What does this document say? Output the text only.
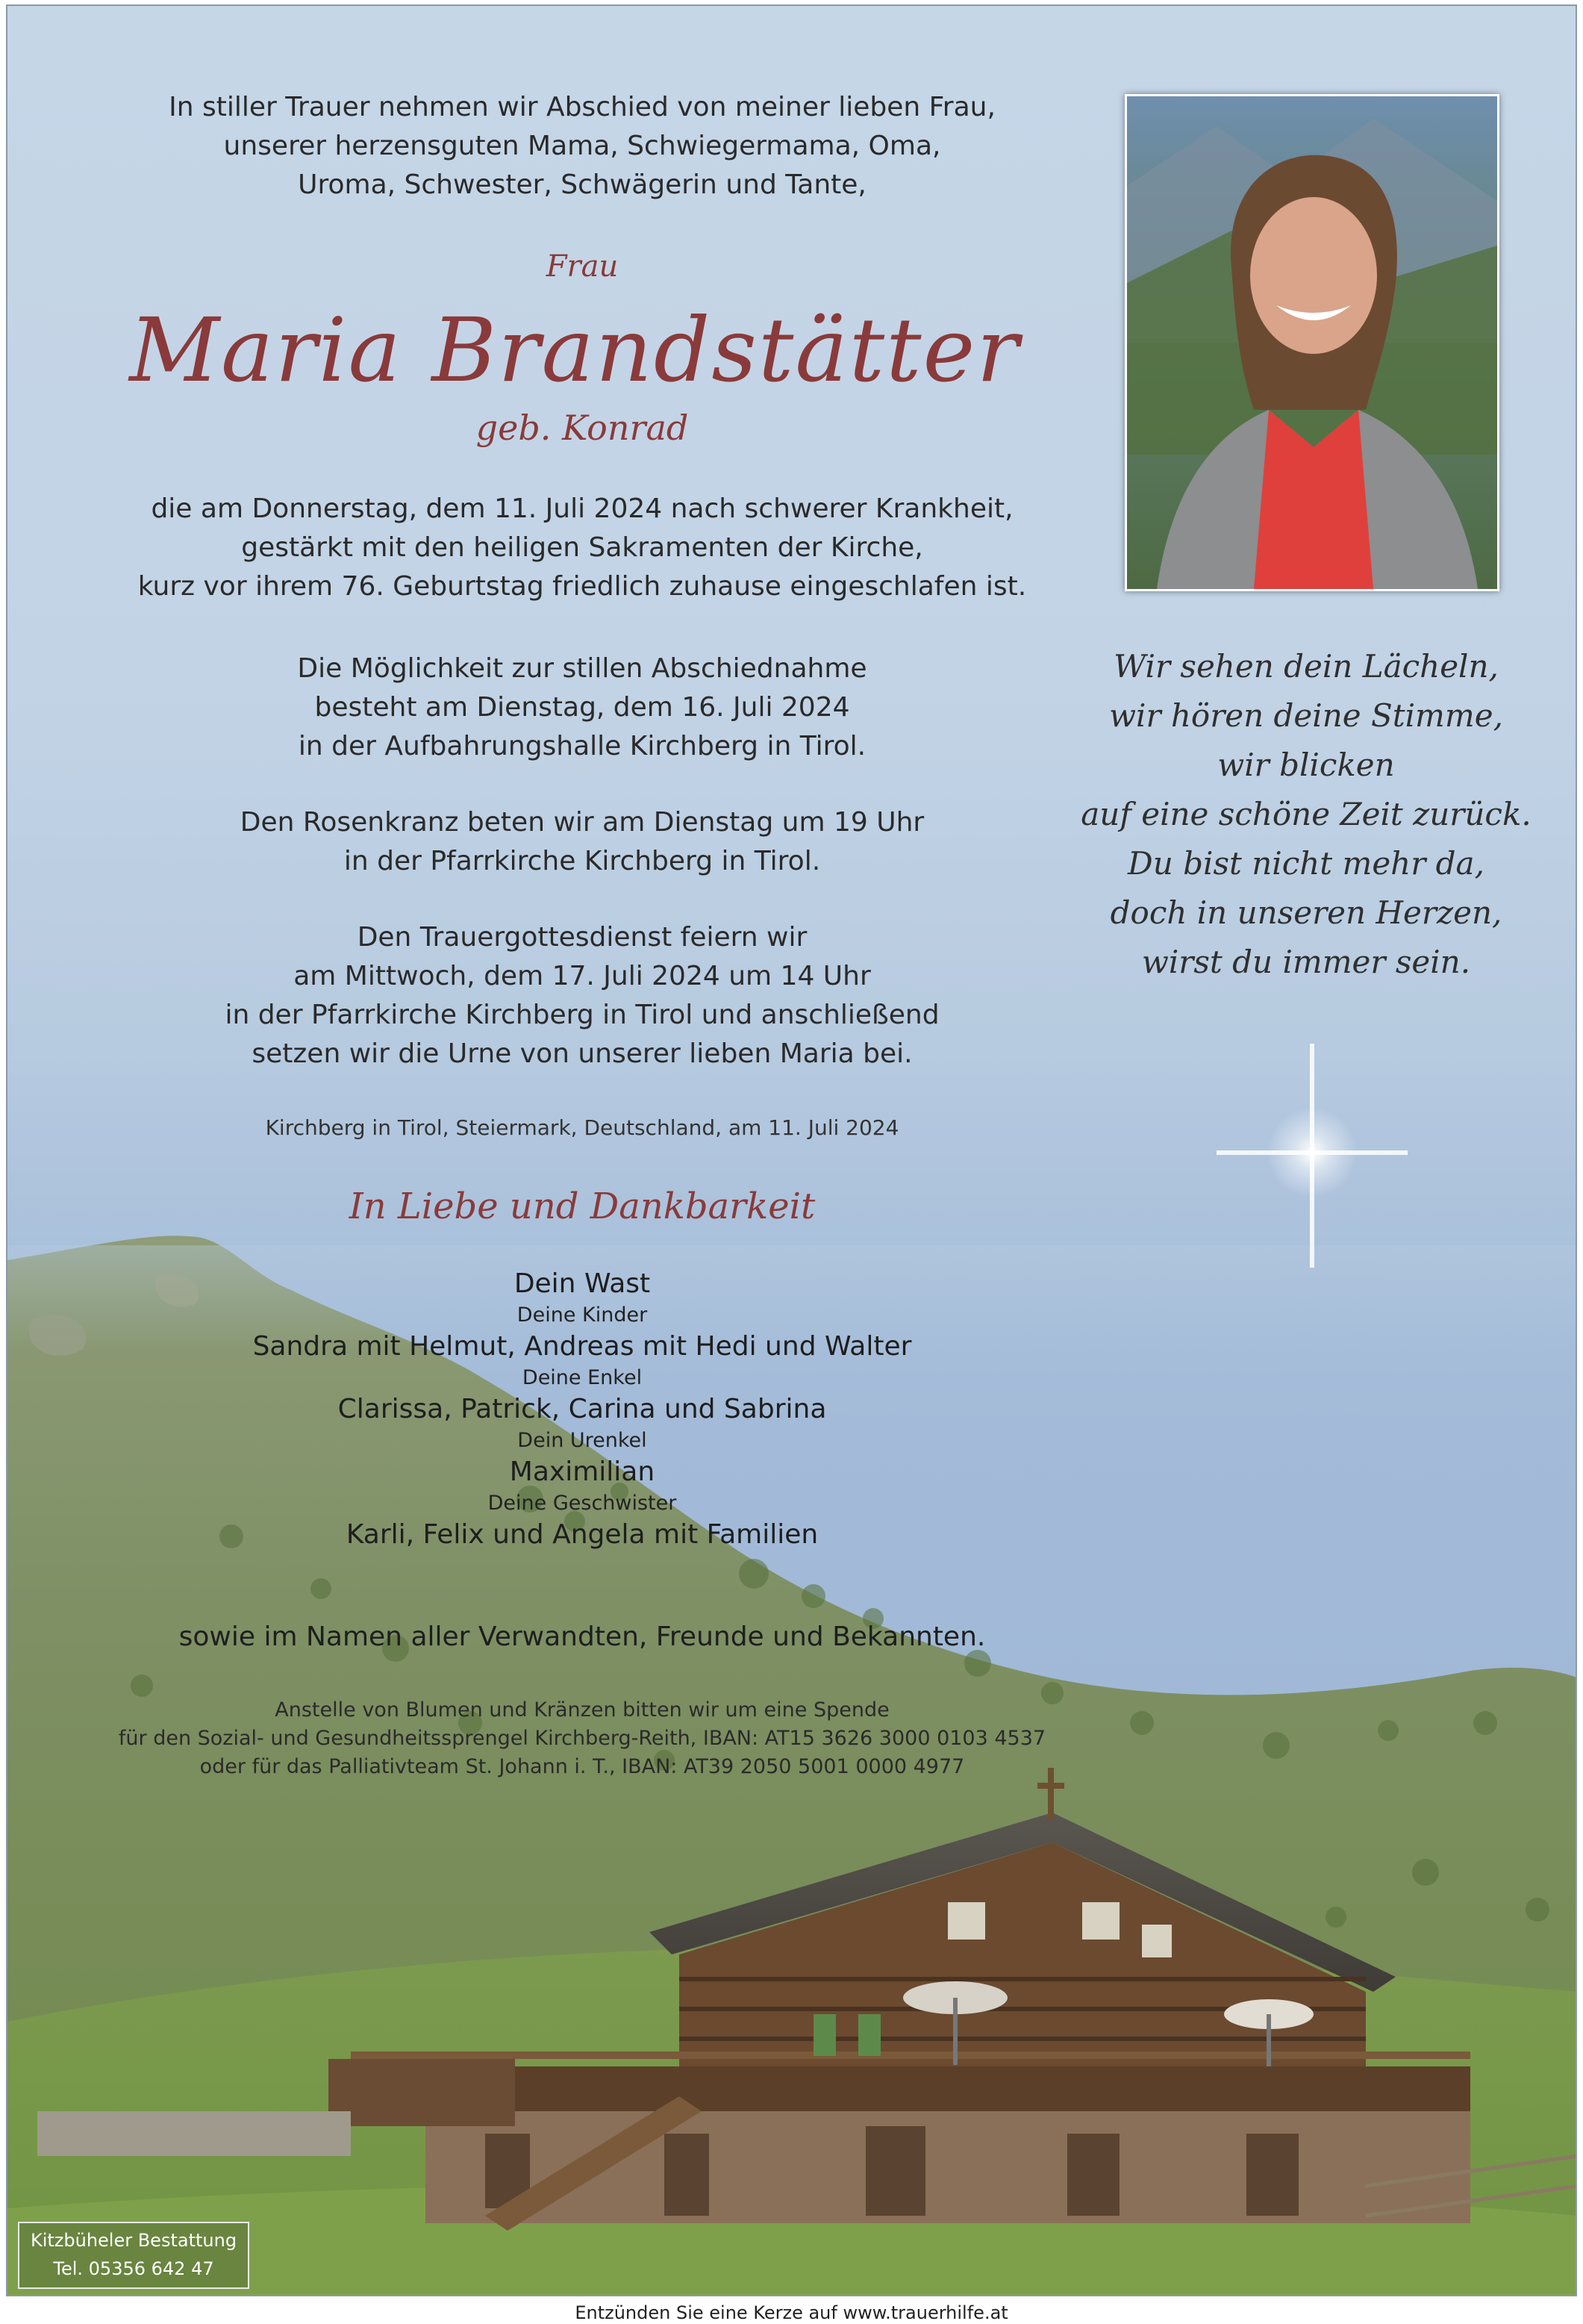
In stiller Trauer nehmen wir Abschied von meiner lieben Frau,
unserer herzensguten Mama, Schwiegermama, Oma,
Uroma, Schwester, Schwägerin und Tante,
Frau
Maria Brandstätter
geb. Konrad
die am Donnerstag, dem 11. Juli 2024 nach schwerer Krankheit,
gestärkt mit den heiligen Sakramenten der Kirche,
kurz vor ihrem 76. Geburtstag friedlich zuhause eingeschlafen ist.
Die Möglichkeit zur stillen Abschiednahme
besteht am Dienstag, dem 16. Juli 2024
in der Aufbahrungshalle Kirchberg in Tirol.
Den Rosenkranz beten wir am Dienstag um 19 Uhr
in der Pfarrkirche Kirchberg in Tirol.
Den Trauergottesdienst feiern wir
am Mittwoch, dem 17. Juli 2024 um 14 Uhr
in der Pfarrkirche Kirchberg in Tirol und anschließend
setzen wir die Urne von unserer lieben Maria bei.
Kirchberg in Tirol, Steiermark, Deutschland, am 11. Juli 2024
In Liebe und Dankbarkeit
Dein Wast
Deine Kinder
Sandra mit Helmut, Andreas mit Hedi und Walter
Deine Enkel
Clarissa, Patrick, Carina und Sabrina
Dein Urenkel
Maximilian
Deine Geschwister
Karli, Felix und Angela mit Familien
sowie im Namen aller Verwandten, Freunde und Bekannten.
Anstelle von Blumen und Kränzen bitten wir um eine Spende
für den Sozial- und Gesundheitssprengel Kirchberg-Reith, IBAN: AT15 3626 3000 0103 4537
oder für das Palliativteam St. Johann i. T., IBAN: AT39 2050 5001 0000 4977
Wir sehen dein Lächeln,
wir hören deine Stimme,
wir blicken
auf eine schöne Zeit zurück.
Du bist nicht mehr da,
doch in unseren Herzen,
wirst du immer sein.
Kitzbüheler Bestattung
Tel. 05356 642 47
Entzünden Sie eine Kerze auf www.trauerhilfe.at
